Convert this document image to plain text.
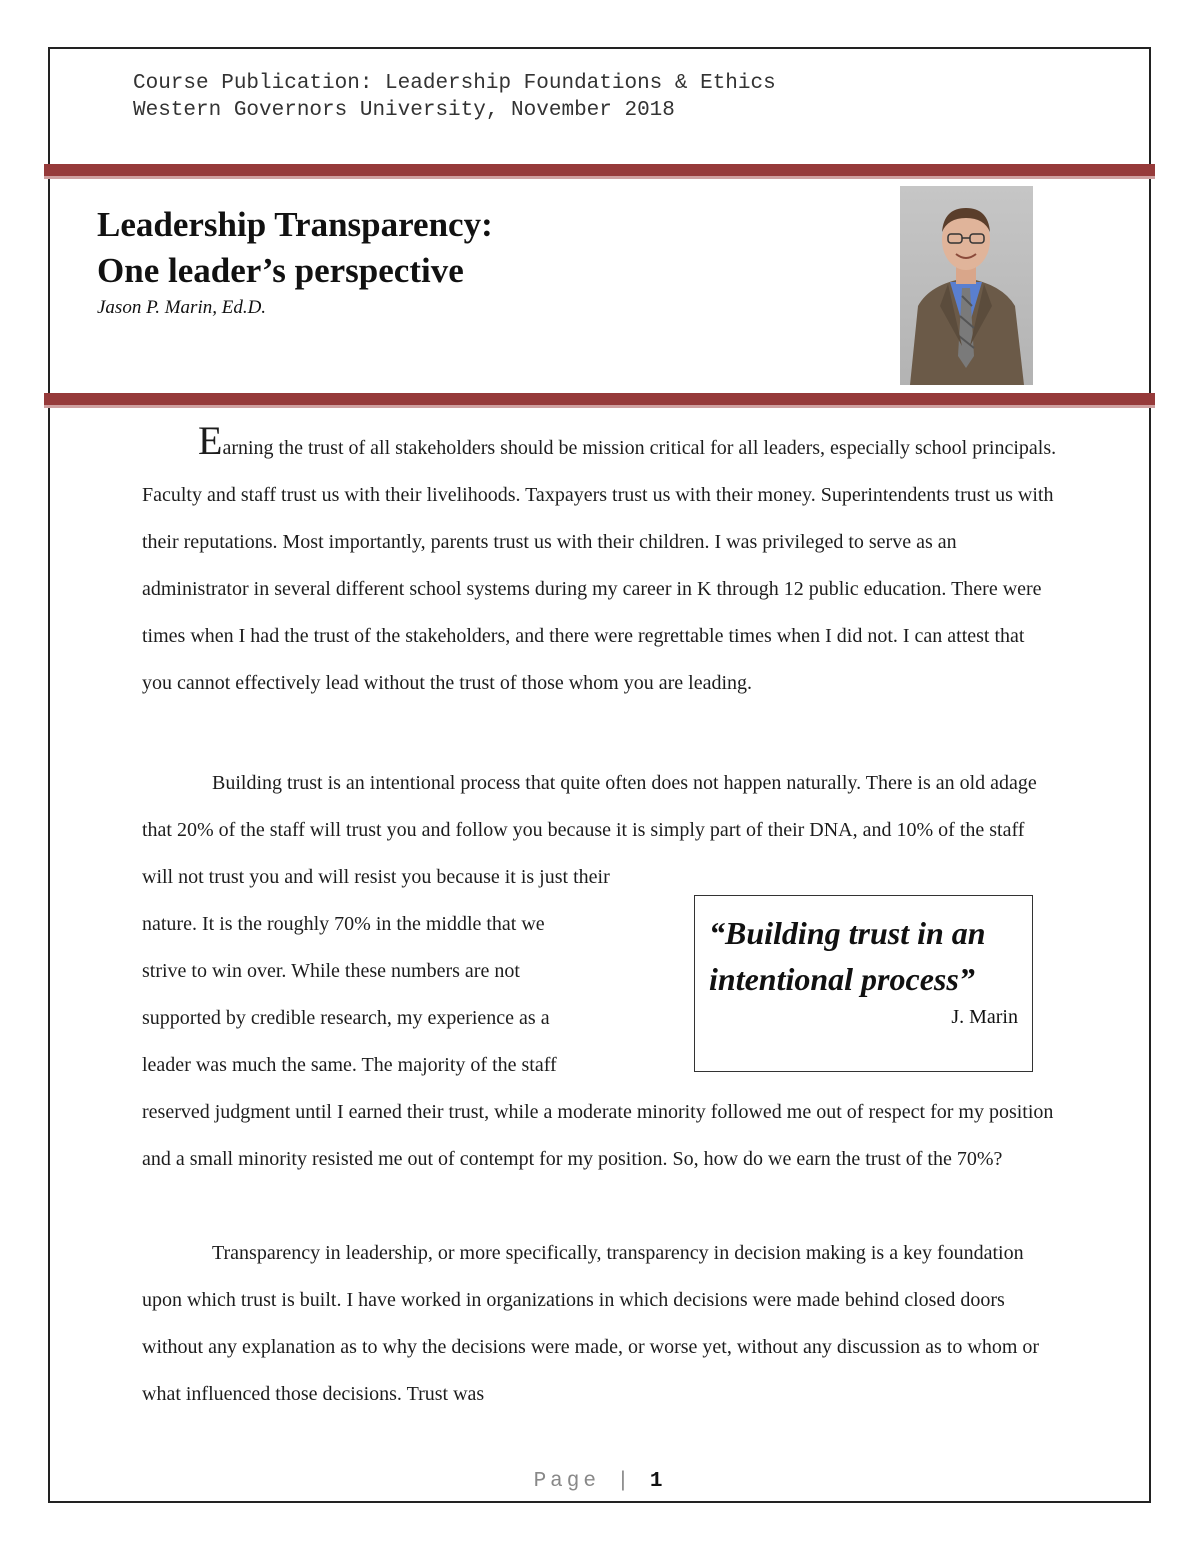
Course Publication: Leadership Foundations & Ethics
Western Governors University, November 2018
Leadership Transparency:
One leader’s perspective
Jason P. Marin, Ed.D.

Earning the trust of all stakeholders should be mission critical for all leaders, especially school principals. Faculty and staff trust us with their livelihoods. Taxpayers trust us with their money. Superintendents trust us with their reputations. Most importantly, parents trust us with their children. I was privileged to serve as an administrator in several different school systems during my career in K through 12 public education. There were times when I had the trust of the stakeholders, and there were regrettable times when I did not. I can attest that you cannot effectively lead without the trust of those whom you are leading.

Building trust is an intentional process that quite often does not happen naturally. There is an old adage that 20% of the staff will trust you and follow you because it is simply part of their DNA, and 10% of the staff will not trust you and will resist you because it is just their

nature. It is the roughly 70% in the middle that we
strive to win over. While these numbers are not
supported by credible research, my experience as a
leader was much the same. The majority of the staff
“Building trust in an intentional process”
J. Marin

reserved judgment until I earned their trust, while a moderate minority followed me out of respect for my position and a small minority resisted me out of contempt for my position. So, how do we earn the trust of the 70%?

Transparency in leadership, or more specifically, transparency in decision making is a key foundation upon which trust is built. I have worked in organizations in which decisions were made behind closed doors without any explanation as to why the decisions were made, or worse yet, without any discussion as to whom or what influenced those decisions. Trust was

Page | 1
